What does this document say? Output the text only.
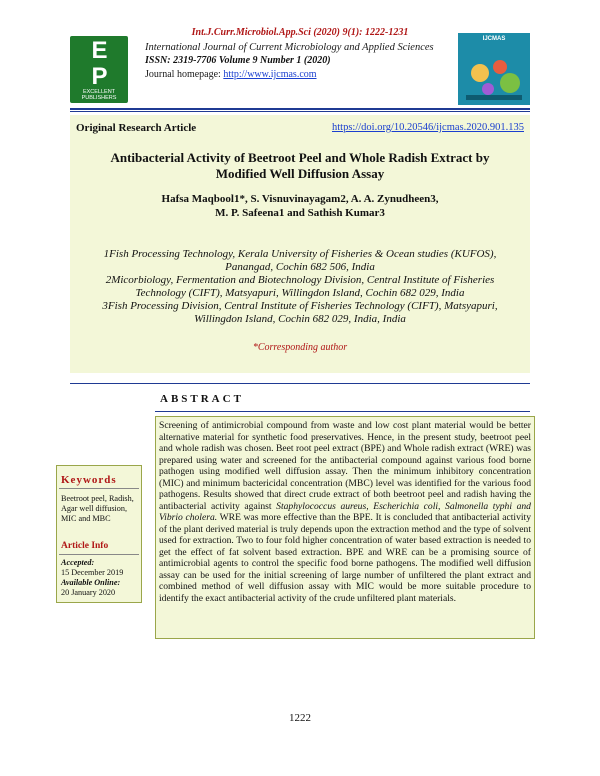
Int.J.Curr.Microbiol.App.Sci (2020) 9(1): 1222-1231
E
P
EXCELLENT PUBLISHERS
International Journal of Current Microbiology and Applied Sciences
ISSN: 2319-7706 Volume 9 Number 1 (2020)
Journal homepage: http://www.ijcmas.com
IJCMAS
Original Research Article	https://doi.org/10.20546/ijcmas.2020.901.135
Antibacterial Activity of Beetroot Peel and Whole Radish Extract by
Modified Well Diffusion Assay
Hafsa Maqbool1*, S. Visnuvinayagam2, A. A. Zynudheen3,
M. P. Safeena1 and Sathish Kumar3
1Fish Processing Technology, Kerala University of Fisheries & Ocean studies (KUFOS),
Panangad, Cochin 682 506, India
2Micorbiology, Fermentation and Biotechnology Division, Central Institute of Fisheries
Technology (CIFT), Matsyapuri, Willingdon Island, Cochin 682 029, India
3Fish Processing Division, Central Institute of Fisheries Technology (CIFT), Matsyapuri,
Willingdon Island, Cochin 682 029, India, India
*Corresponding author
ABSTRACT
Screening of antimicrobial compound from waste and low cost plant material would be better alternative material for synthetic food preservatives. Hence, in the present study, beetroot peel and whole radish was chosen. Beet root peel extract (BPE) and Whole radish extract (WRE) was prepared using water and screened for the antibacterial compound against various food borne pathogen using modified well diffusion assay. Then the minimum inhibitory concentration (MIC) and minimum bactericidal concentration (MBC) level was identified for the various food pathogens. Results showed that direct crude extract of both beetroot peel and radish having the antibacterial activity against Staphylococcus aureus, Escherichia coli, Salmonella typhi and Vibrio cholera. WRE was more effective than the BPE. It is concluded that antibacterial activity of the plant derived material is truly depends upon the extraction method and the type of solvent used for extraction. Two to four fold higher concentration of water based extraction is needed to get the effect of fat solvent based extraction. BPE and WRE can be a promising source of antimicrobial agents to control the specific food borne pathogens. The modified well diffusion assay can be used for the initial screening of large number of unfiltered the plant extract and combined method of well diffusion assay with MIC would be more suitable procedure to identify the exact antibacterial activity of the crude unfiltered plant materials.
Keywords
Beetroot peel, Radish, Agar well diffusion, MIC and MBC
Article Info
Accepted:
15 December 2019
Available Online:
20 January 2020
1222
